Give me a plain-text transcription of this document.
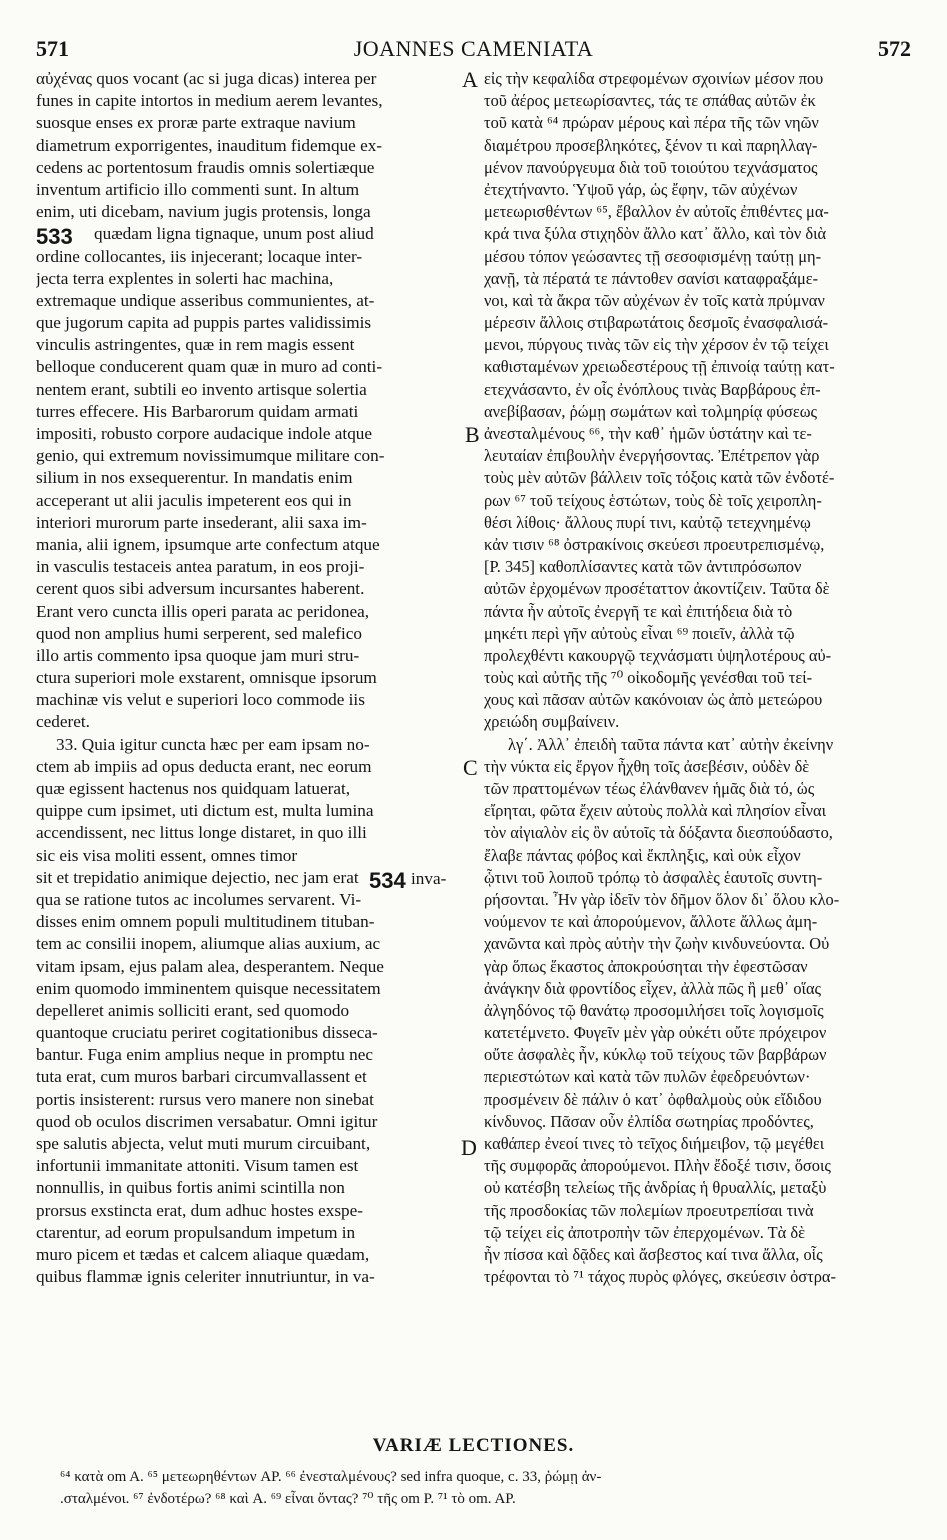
571	JOANNES CAMENIATA	572
αὐχένας quos vocant (ac si juga dicas) interea per
funes in capite intortos in medium aerem levantes,
suosque enses ex proræ parte extraque navium
diametrum exporrigentes, inauditum fidemque ex-
cedens ac portentosum fraudis omnis solertiæque
inventum artificio illo commenti sunt. In altum
enim, uti dicebam, navium jugis protensis, longa
quædam ligna tignaque, unum post aliud
ordine collocantes, iis injecerant; locaque inter-
jecta terra explentes in solerti hac machina,
extremaque undique asseribus communientes, at-
que jugorum capita ad puppis partes validissimis
vinculis astringentes, quæ in rem magis essent
belloque conducerent quam quæ in muro ad conti-
nentem erant, subtili eo invento artisque solertia
turres effecere. His Barbarorum quidam armati
impositi, robusto corpore audacique indole atque
genio, qui extremum novissimumque militare con-
silium in nos exsequerentur. In mandatis enim
acceperant ut alii jaculis impeterent eos qui in
interiori murorum parte insederant, alii saxa im-
mania, alii ignem, ipsumque arte confectum atque
in vasculis testaceis antea paratum, in eos proji-
cerent quos sibi adversum incursantes haberent.
Erant vero cuncta illis operi parata ac peridonea,
quod non amplius humi serperent, sed malefico
illo artis commento ipsa quoque jam muri stru-
ctura superiori mole exstarent, omnisque ipsorum
machinæ vis velut e superiori loco commode iis
cederet.
33. Quia igitur cuncta hæc per eam ipsam no-
ctem ab impiis ad opus deducta erant, nec eorum
quæ egissent hactenus nos quidquam latuerat,
quippe cum ipsimet, uti dictum est, multa lumina
accendissent, nec littus longe distaret, in quo illi
sic eis visa moliti essent, omnes timor
sit et trepidatio animique dejectio, nec jam erat
qua se ratione tutos ac incolumes servarent. Vi-
disses enim omnem populi multitudinem tituban-
tem ac consilii inopem, aliumque alias auxium, ac
vitam ipsam, ejus palam alea, desperantem. Neque
enim quomodo imminentem quisque necessitatem
depelleret animis solliciti erant, sed quomodo
quantoque cruciatu periret cogitationibus disseca-
bantur. Fuga enim amplius neque in promptu nec
tuta erat, cum muros barbari circumvallassent et
portis insisterent: rursus vero manere non sinebat
quod ob oculos discrimen versabatur. Omni igitur
spe salutis abjecta, velut muti murum circuibant,
infortunii immanitate attoniti. Visum tamen est
nonnullis, in quibus fortis animi scintilla non
prorsus exstincta erat, dum adhuc hostes exspe-
ctarentur, ad eorum propulsandum impetum in
muro picem et tædas et calcem aliaque quædam,
quibus flammæ ignis celeriter innutriuntur, in va-
εἰς τὴν κεφαλίδα στρεφομένων σχοινίων μέσον που
τοῦ ἀέρος μετεωρίσαντες, τάς τε σπάθας αὐτῶν ἐκ
τοῦ κατὰ ⁶⁴ πρώραν μέρους καὶ πέρα τῆς τῶν νηῶν
διαμέτρου προσεβληκότες, ξένον τι καὶ παρηλλαγ-
μένον πανούργευμα διὰ τοῦ τοιούτου τεχνάσματος
ἐτεχτήναντο. Ὑψοῦ γάρ, ὡς ἔφην, τῶν αὐχένων
μετεωρισθέντων ⁶⁵, ἔβαλλον ἐν αὐτοῖς ἐπιθέντες μα-
κρά τινα ξύλα στιχηδὸν ἄλλο κατ᾽ ἄλλο, καὶ τὸν διὰ
μέσου τόπον γεώσαντες τῇ σεσοφισμένῃ ταύτῃ μη-
χανῇ, τὰ πέρατά τε πάντοθεν σανίσι καταφραξάμε-
νοι, καὶ τὰ ἄκρα τῶν αὐχένων ἐν τοῖς κατὰ πρύμναν
μέρεσιν ἄλλοις στιβαρωτάτοις δεσμοῖς ἐνασφαλισά-
μενοι, πύργους τινὰς τῶν εἰς τὴν χέρσον ἐν τῷ τείχει
καθισταμένων χρειωδεστέρους τῇ ἐπινοίᾳ ταύτῃ κατ-
ετεχνάσαντο, ἐν οἷς ἐνόπλους τινὰς Βαρβάρους ἐπ-
ανεβίβασαν, ῥώμῃ σωμάτων καὶ τολμηρίᾳ φύσεως
ἀνεσταλμένους ⁶⁶, τὴν καθ᾽ ἡμῶν ὑστάτην καὶ τε-
λευταίαν ἐπιβουλὴν ἐνεργήσοντας. Ἐπέτρεπον γὰρ
τοὺς μὲν αὐτῶν βάλλειν τοῖς τόξοις κατὰ τῶν ἐνδοτέ-
ρων ⁶⁷ τοῦ τείχους ἑστώτων, τοὺς δὲ τοῖς χειροπλη-
θέσι λίθοις· ἄλλους πυρί τινι, καὐτῷ τετεχνημένῳ
κἀν τισιν ⁶⁸ ὀστρακίνοις σκεύεσι προευτρεπισμένῳ,
[P. 345] καθοπλίσαντες κατὰ τῶν ἀντιπρόσωπον
αὐτῶν ἐρχομένων προσέταττον ἀκοντίζειν. Ταῦτα δὲ
πάντα ἦν αὐτοῖς ἐνεργῆ τε καὶ ἐπιτήδεια διὰ τὸ
μηκέτι περὶ γῆν αὐτοὺς εἶναι ⁶⁹ ποιεῖν, ἀλλὰ τῷ
προλεχθέντι κακουργῷ τεχνάσματι ὑψηλοτέρους αὐ-
τοὺς καὶ αὐτῆς τῆς ⁷⁰ οἰκοδομῆς γενέσθαι τοῦ τεί-
χους καὶ πᾶσαν αὐτῶν κακόνοιαν ὡς ἀπὸ μετεώρου
χρειώδη συμβαίνειν.
λγ΄. Ἀλλ᾽ ἐπειδὴ ταῦτα πάντα κατ᾽ αὐτὴν ἐκείνην
τὴν νύκτα εἰς ἔργον ἦχθη τοῖς ἀσεβέσιν, οὐδὲν δὲ
τῶν πραττομένων τέως ἐλάνθανεν ἡμᾶς διὰ τό, ὡς
εἴρηται, φῶτα ἔχειν αὐτοὺς πολλὰ καὶ πλησίον εἶναι
τὸν αἰγιαλὸν εἰς ὃν αὐτοῖς τὰ δόξαντα διεσπούδαστο,
ἔλαβε πάντας φόβος καὶ ἔκπληξις, καὶ οὐκ εἶχον
ᾧτινι τοῦ λοιποῦ τρόπῳ τὸ ἀσφαλὲς ἑαυτοῖς συντη-
ρήσονται. Ἦν γὰρ ἰδεῖν τὸν δῆμον ὅλον δι᾽ ὅλου κλο-
νούμενον τε καὶ ἀπορούμενον, ἄλλοτε ἄλλως ἀμη-
χανῶντα καὶ πρὸς αὐτὴν τὴν ζωὴν κινδυνεύοντα. Οὐ
γὰρ ὅπως ἕκαστος ἀποκρούσηται τὴν ἐφεστῶσαν
ἀνάγκην διὰ φροντίδος εἶχεν, ἀλλὰ πῶς ἢ μεθ᾽ οἵας
ἀλγηδόνος τῷ θανάτῳ προσομιλήσει τοῖς λογισμοῖς
κατετέμνετο. Φυγεῖν μὲν γὰρ οὐκέτι οὔτε πρόχειρον
οὔτε ἀσφαλὲς ἦν, κύκλῳ τοῦ τείχους τῶν βαρβάρων
περιεστώτων καὶ κατὰ τῶν πυλῶν ἐφεδρευόντων·
προσμένειν δὲ πάλιν ὁ κατ᾽ ὀφθαλμοὺς οὐκ εἴδιδου
κίνδυνος. Πᾶσαν οὖν ἐλπίδα σωτηρίας προδόντες,
καθάπερ ἐνεοί τινες τὸ τεῖχος διήμειβον, τῷ μεγέθει
τῆς συμφορᾶς ἀπορούμενοι. Πλὴν ἔδοξέ τισιν, ὅσοις
οὐ κατέσβη τελείως τῆς ἀνδρίας ἡ θρυαλλίς, μεταξὺ
τῆς προσδοκίας τῶν πολεμίων προευτρεπίσαι τινὰ
τῷ τείχει εἰς ἀποτροπὴν τῶν ἐπερχομένων. Τὰ δὲ
ἦν πίσσα καὶ δᾷδες καὶ ἄσβεστος καί τινα ἄλλα, οἷς
τρέφονται τὸ ⁷¹ τάχος πυρὸς φλόγες, σκεύεσιν ὀστρα-
A
B
C
D
533
534 inva-
VARIÆ LECTIONES.
⁶⁴ κατὰ om A. ⁶⁵ μετεωρηθέντων AP. ⁶⁶ ἐνεσταλμένους? sed infra quoque, c. 33, ῥώμῃ ἀν-
.σταλμένοι. ⁶⁷ ἐνδοτέρω? ⁶⁸ καὶ A. ⁶⁹ εἶναι ὄντας? ⁷⁰ τῆς om P. ⁷¹ τὸ om. AP.
